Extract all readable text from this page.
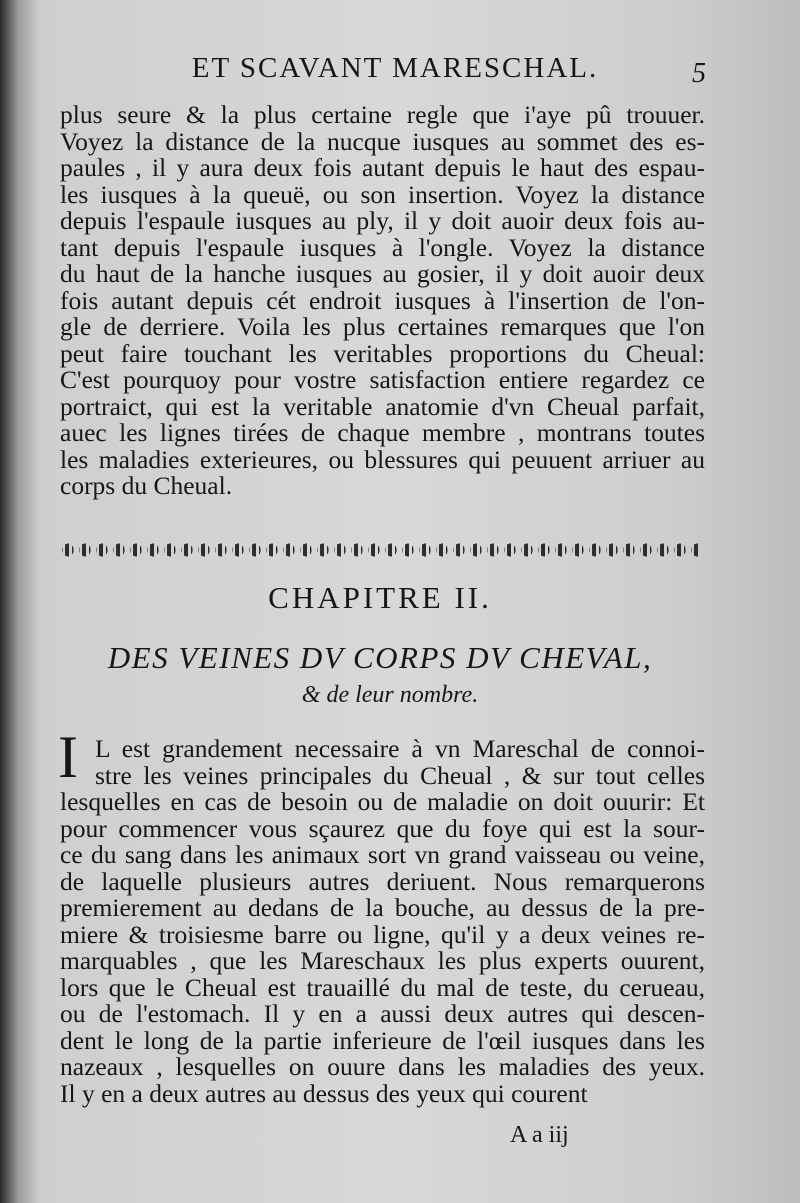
ET SCAVANT MARESCHAL.	5
plus seure & la plus certaine regle que i'aye pû trouuer.
Voyez la distance de la nucque iusques au sommet des es-
paules , il y aura deux fois autant depuis le haut des espau-
les iusques à la queuë, ou son insertion. Voyez la distance
depuis l'espaule iusques au ply, il y doit auoir deux fois au-
tant depuis l'espaule iusques à l'ongle. Voyez la distance
du haut de la hanche iusques au gosier, il y doit auoir deux
fois autant depuis cét endroit iusques à l'insertion de l'on-
gle de derriere. Voila les plus certaines remarques que l'on
peut faire touchant les veritables proportions du Cheual:
C'est pourquoy pour vostre satisfaction entiere regardez ce
portraict, qui est la veritable anatomie d'vn Cheual parfait,
auec les lignes tirées de chaque membre , montrans toutes
les maladies exterieures, ou blessures qui peuuent arriuer au
corps du Cheual.
CHAPITRE II.
DES VEINES DV CORPS DV CHEVAL,
& de leur nombre.
I L est grandement necessaire à vn Mareschal de connoi-
stre les veines principales du Cheual , & sur tout celles
lesquelles en cas de besoin ou de maladie on doit ouurir: Et
pour commencer vous sçaurez que du foye qui est la sour-
ce du sang dans les animaux sort vn grand vaisseau ou veine,
de laquelle plusieurs autres deriuent. Nous remarquerons
premierement au dedans de la bouche, au dessus de la pre-
miere & troisiesme barre ou ligne, qu'il y a deux veines re-
marquables , que les Mareschaux les plus experts ouurent,
lors que le Cheual est trauaillé du mal de teste, du cerueau,
ou de l'estomach. Il y en a aussi deux autres qui descen-
dent le long de la partie inferieure de l'œil iusques dans les
nazeaux , lesquelles on ouure dans les maladies des yeux.
Il y en a deux autres au dessus des yeux qui courent
A a iij
